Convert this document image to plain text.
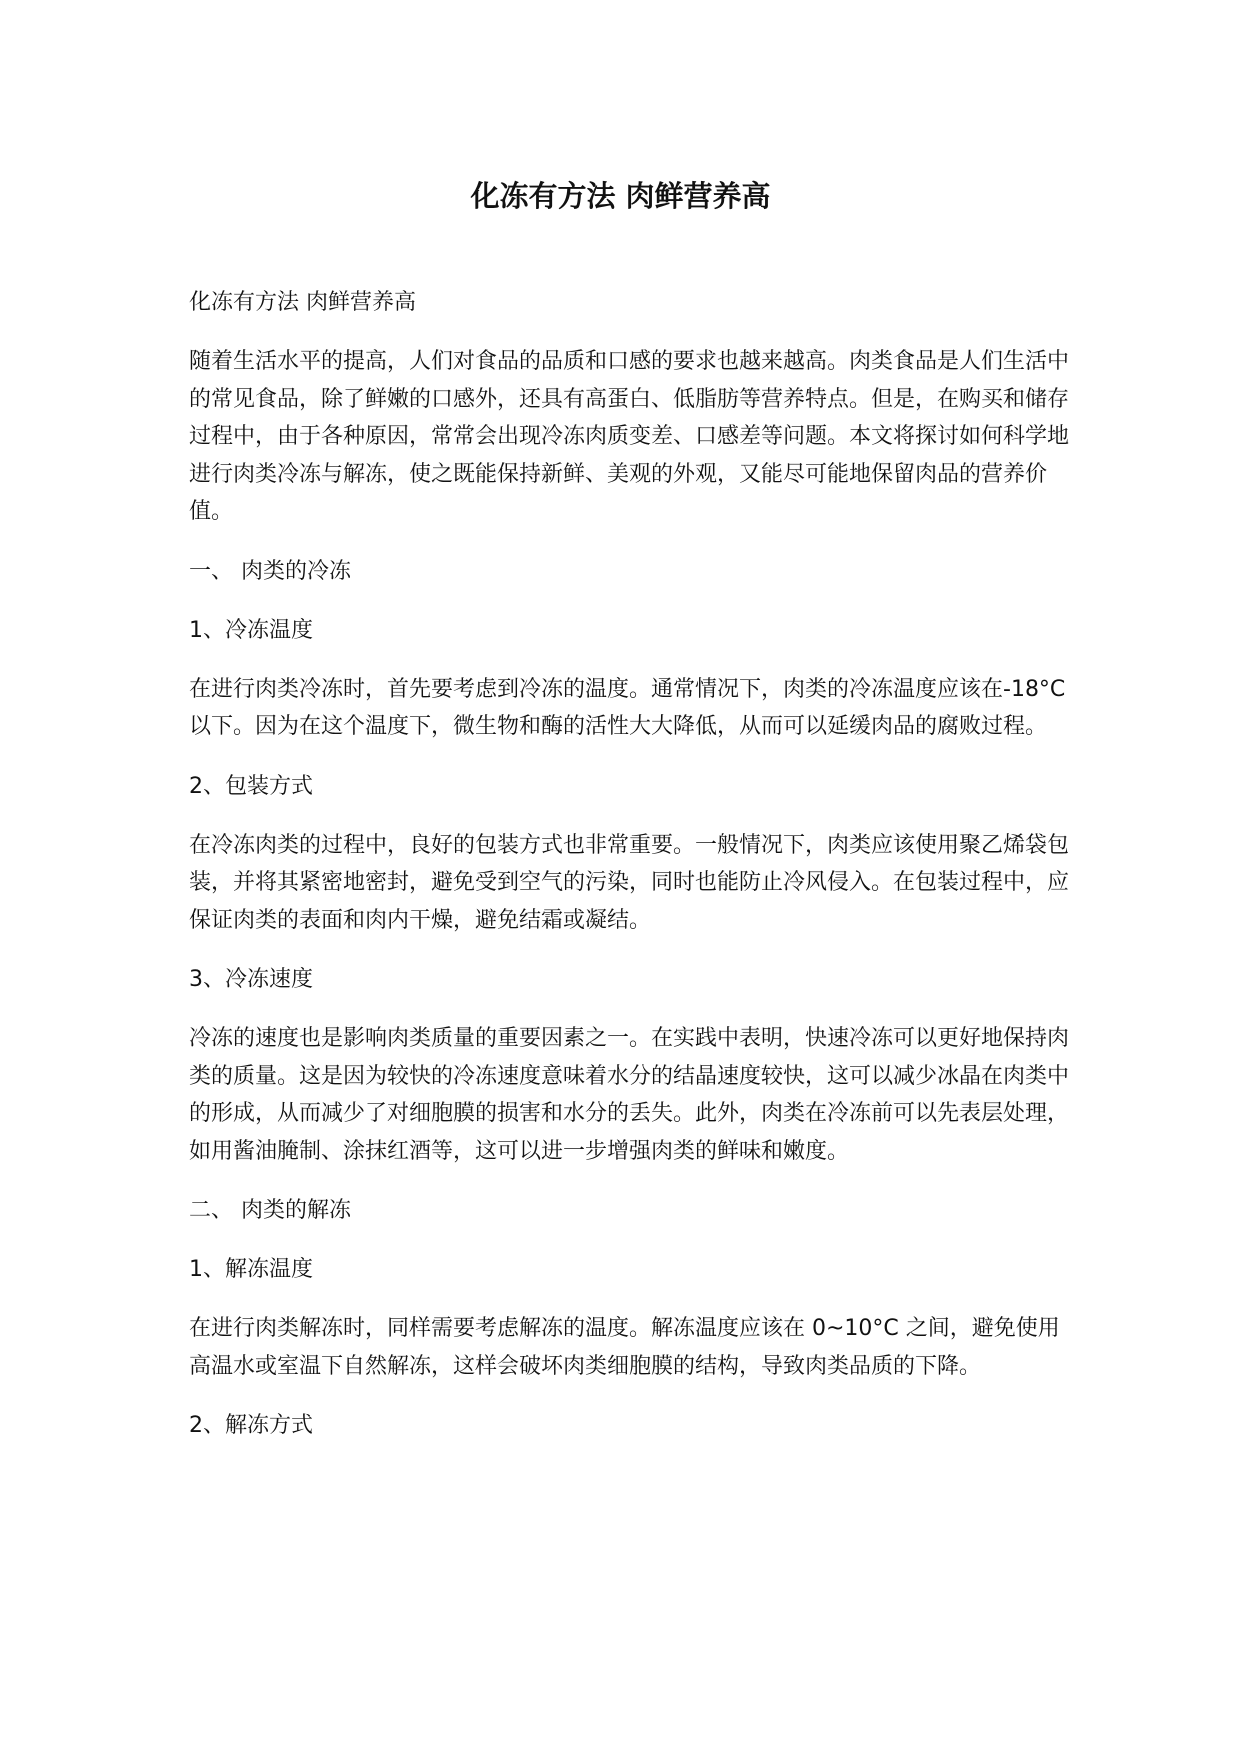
化冻有方法 肉鲜营养高

化冻有方法 肉鲜营养高

随着生活水平的提高，人们对食品的品质和口感的要求也越来越高。肉类食品是人们生活中的常见食品，除了鲜嫩的口感外，还具有高蛋白、低脂肪等营养特点。但是，在购买和储存过程中，由于各种原因，常常会出现冷冻肉质变差、口感差等问题。本文将探讨如何科学地进行肉类冷冻与解冻，使之既能保持新鲜、美观的外观，又能尽可能地保留肉品的营养价值。

一、 肉类的冷冻

1、冷冻温度

在进行肉类冷冻时，首先要考虑到冷冻的温度。通常情况下，肉类的冷冻温度应该在-18°C 以下。因为在这个温度下，微生物和酶的活性大大降低，从而可以延缓肉品的腐败过程。

2、包装方式

在冷冻肉类的过程中，良好的包装方式也非常重要。一般情况下，肉类应该使用聚乙烯袋包装，并将其紧密地密封，避免受到空气的污染，同时也能防止冷风侵入。在包装过程中，应保证肉类的表面和肉内干燥，避免结霜或凝结。

3、冷冻速度

冷冻的速度也是影响肉类质量的重要因素之一。在实践中表明，快速冷冻可以更好地保持肉类的质量。这是因为较快的冷冻速度意味着水分的结晶速度较快，这可以减少冰晶在肉类中的形成，从而减少了对细胞膜的损害和水分的丢失。此外，肉类在冷冻前可以先表层处理，如用酱油腌制、涂抹红酒等，这可以进一步增强肉类的鲜味和嫩度。

二、 肉类的解冻

1、解冻温度

在进行肉类解冻时，同样需要考虑解冻的温度。解冻温度应该在 0~10°C 之间，避免使用高温水或室温下自然解冻，这样会破坏肉类细胞膜的结构，导致肉类品质的下降。

2、解冻方式
